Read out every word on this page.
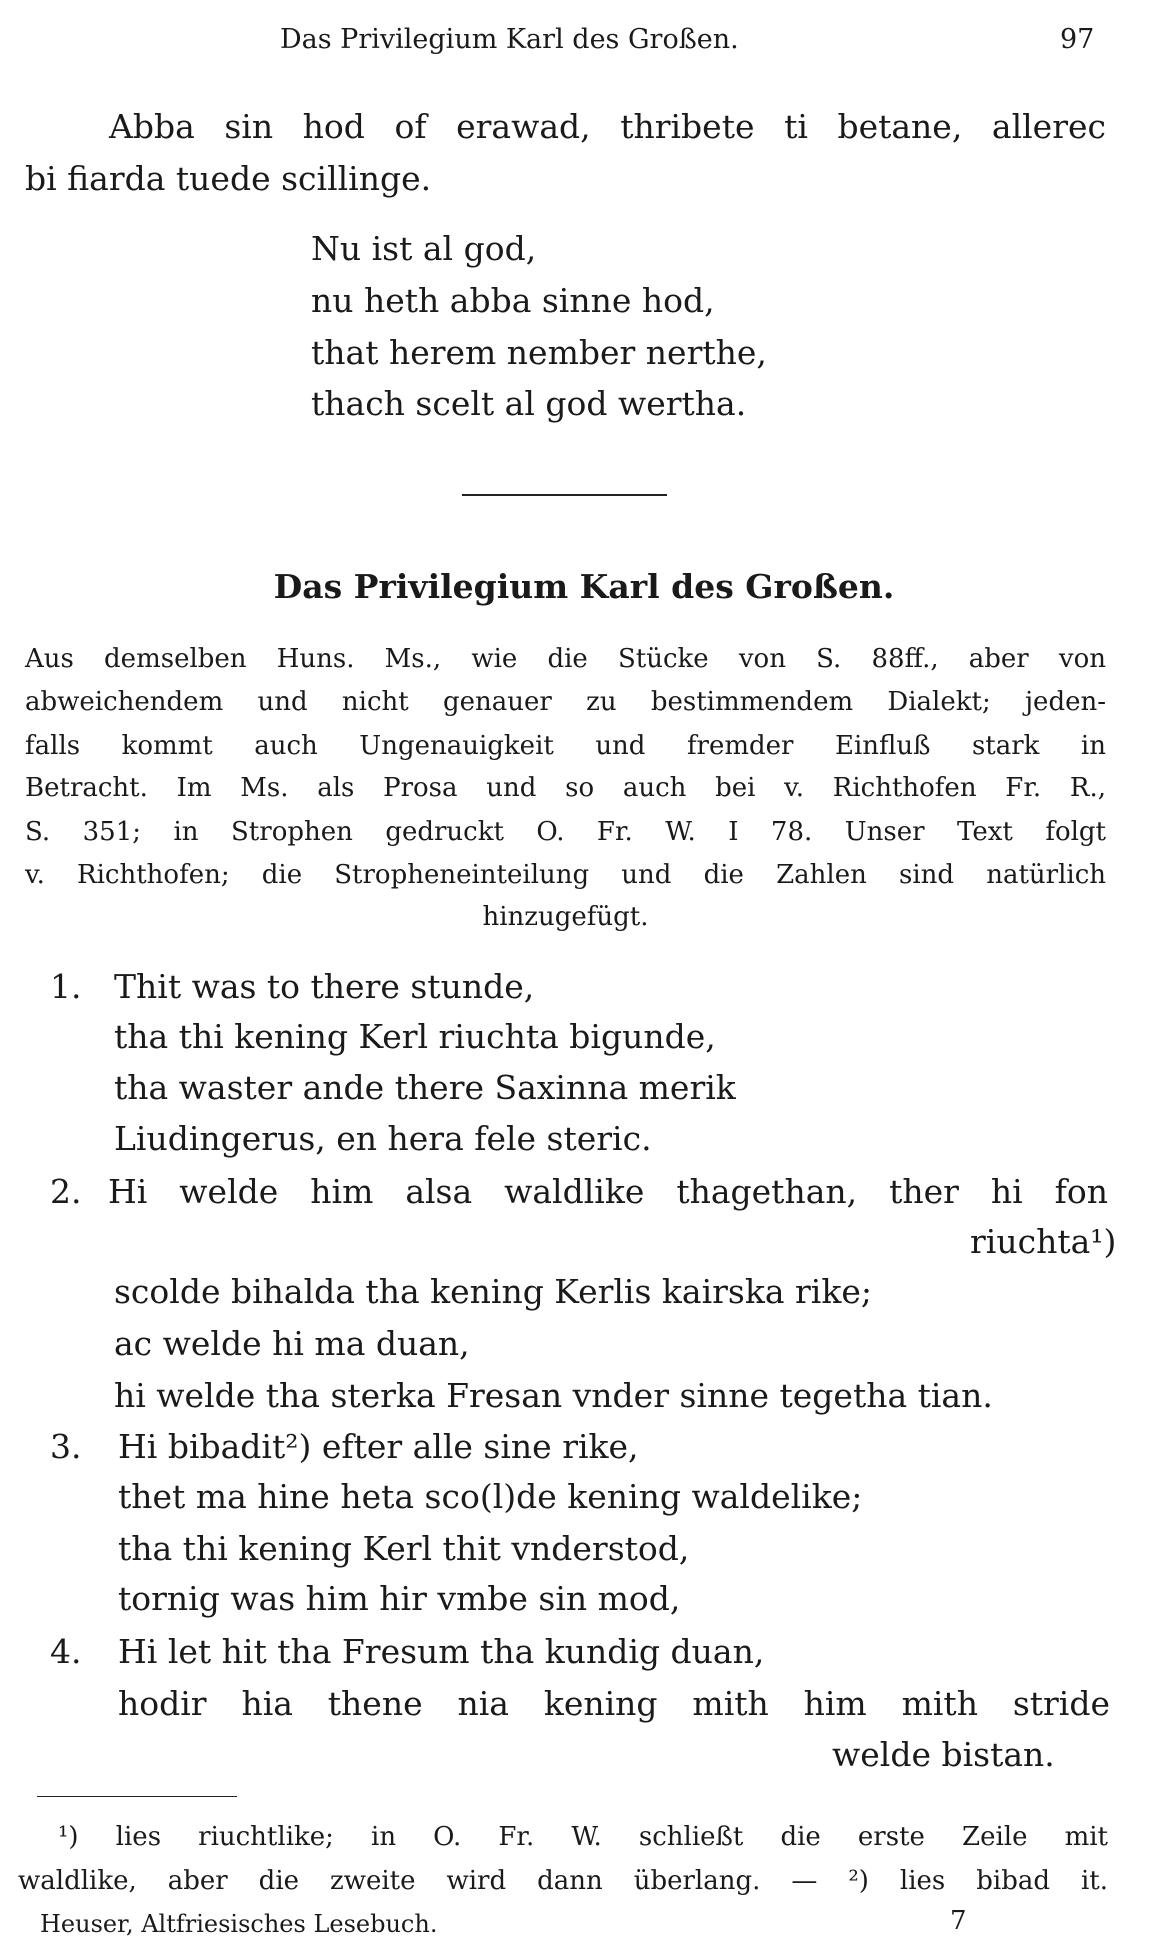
Das Privilegium Karl des Großen.	97
Abba sin hod of erawad, thribete ti betane, allerec
bi fiarda tuede scillinge.
Nu ist al god,
nu heth abba sinne hod,
that herem nember nerthe,
thach scelt al god wertha.
Das Privilegium Karl des Großen.
Aus demselben Huns. Ms., wie die Stücke von S. 88ff., aber von
abweichendem und nicht genauer zu bestimmendem Dialekt; jeden-
falls kommt auch Ungenauigkeit und fremder Einfluß stark in
Betracht. Im Ms. als Prosa und so auch bei v. Richthofen Fr. R.,
S. 351; in Strophen gedruckt O. Fr. W. I 78. Unser Text folgt
v. Richthofen; die Stropheneinteilung und die Zahlen sind natürlich
hinzugefügt.
1. Thit was to there stunde,
tha thi kening Kerl riuchta bigunde,
tha waster ande there Saxinna merik
Liudingerus, en hera fele steric.
2. Hi welde him alsa waldlike thagethan, ther hi fon
riuchta¹)
scolde bihalda tha kening Kerlis kairska rike;
ac welde hi ma duan,
hi welde tha sterka Fresan vnder sinne tegetha tian.
3. Hi bibadit²) efter alle sine rike,
thet ma hine heta sco(l)de kening waldelike;
tha thi kening Kerl thit vnderstod,
tornig was him hir vmbe sin mod,
4. Hi let hit tha Fresum tha kundig duan,
hodir hia thene nia kening mith him mith stride
welde bistan.
¹) lies riuchtlike; in O. Fr. W. schließt die erste Zeile mit
waldlike, aber die zweite wird dann überlang. — ²) lies bibad it.
Heuser, Altfriesisches Lesebuch.	7
